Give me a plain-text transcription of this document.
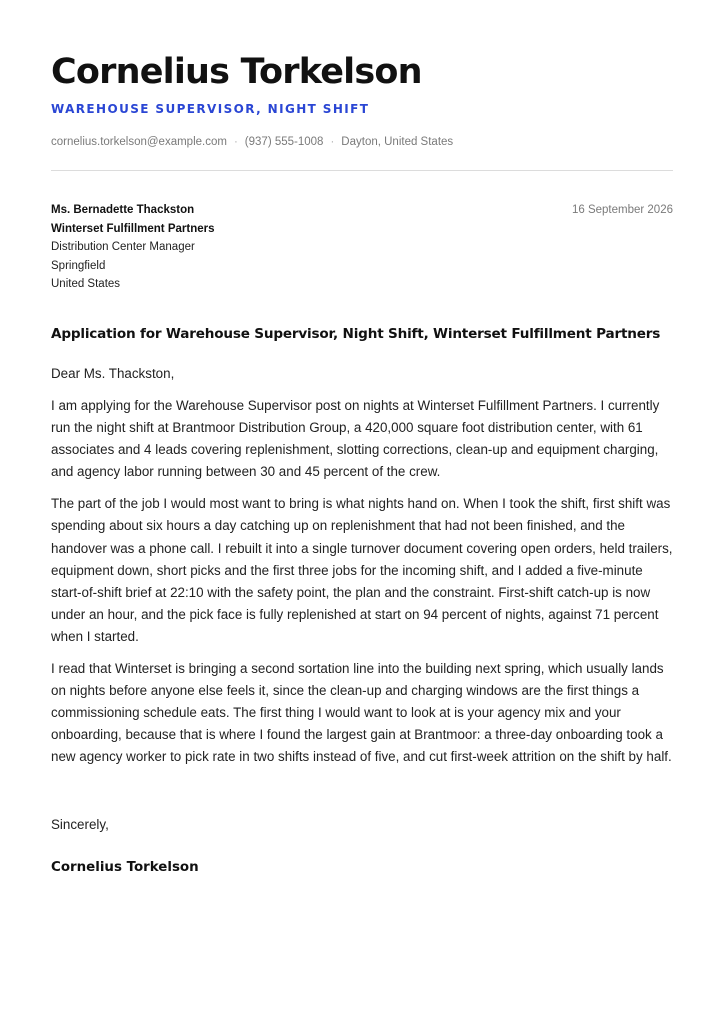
Cornelius Torkelson
WAREHOUSE SUPERVISOR, NIGHT SHIFT
cornelius.torkelson@example.com · (937) 555-1008 · Dayton, United States
Ms. Bernadette Thackston
Winterset Fulfillment Partners
Distribution Center Manager
Springfield
United States
16 September 2026
Application for Warehouse Supervisor, Night Shift, Winterset Fulfillment Partners
Dear Ms. Thackston,

I am applying for the Warehouse Supervisor post on nights at Winterset Fulfillment Partners. I currently run the night shift at Brantmoor Distribution Group, a 420,000 square foot distribution center, with 61 associates and 4 leads covering replenishment, slotting corrections, clean-up and equipment charging, and agency labor running between 30 and 45 percent of the crew.

The part of the job I would most want to bring is what nights hand on. When I took the shift, first shift was spending about six hours a day catching up on replenishment that had not been finished, and the handover was a phone call. I rebuilt it into a single turnover document covering open orders, held trailers, equipment down, short picks and the first three jobs for the incoming shift, and I added a five-minute start-of-shift brief at 22:10 with the safety point, the plan and the constraint. First-shift catch-up is now under an hour, and the pick face is fully replenished at start on 94 percent of nights, against 71 percent when I started.

I read that Winterset is bringing a second sortation line into the building next spring, which usually lands on nights before anyone else feels it, since the clean-up and charging windows are the first things a commissioning schedule eats. The first thing I would want to look at is your agency mix and your onboarding, because that is where I found the largest gain at Brantmoor: a three-day onboarding took a new agency worker to pick rate in two shifts instead of five, and cut first-week attrition on the shift by half.

Sincerely,
Cornelius Torkelson
